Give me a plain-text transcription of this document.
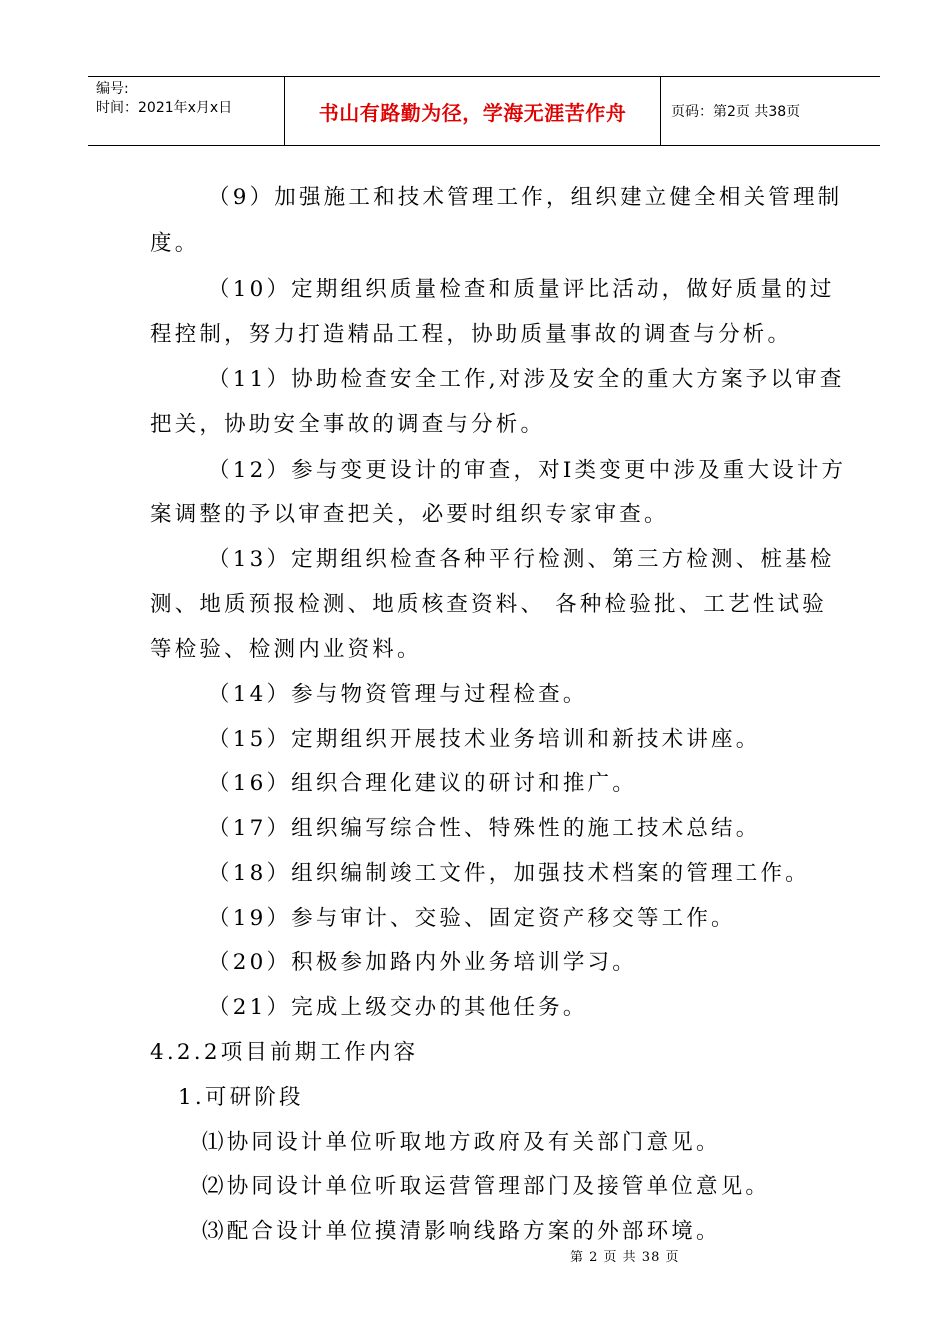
编号:
时间：2021年x月x日	书山有路勤为径，学海无涯苦作舟	页码：第2页 共38页
（9）加强施工和技术管理工作，组织建立健全相关管理制
度。
（10）定期组织质量检查和质量评比活动，做好质量的过
程控制，努力打造精品工程，协助质量事故的调查与分析。
（11）协助检查安全工作,对涉及安全的重大方案予以审查
把关，协助安全事故的调查与分析。
（12）参与变更设计的审查，对Ⅰ类变更中涉及重大设计方
案调整的予以审查把关，必要时组织专家审查。
（13）定期组织检查各种平行检测、第三方检测、桩基检
测、地质预报检测、地质核查资料、 各种检验批、工艺性试验
等检验、检测内业资料。
（14）参与物资管理与过程检查。
（15）定期组织开展技术业务培训和新技术讲座。
（16）组织合理化建议的研讨和推广。
（17）组织编写综合性、特殊性的施工技术总结。
（18）组织编制竣工文件，加强技术档案的管理工作。
（19）参与审计、交验、固定资产移交等工作。
（20）积极参加路内外业务培训学习。
（21）完成上级交办的其他任务。
4.2.2项目前期工作内容
1.可研阶段
⑴协同设计单位听取地方政府及有关部门意见。
⑵协同设计单位听取运营管理部门及接管单位意见。
⑶配合设计单位摸清影响线路方案的外部环境。
第 2 页 共 38 页
